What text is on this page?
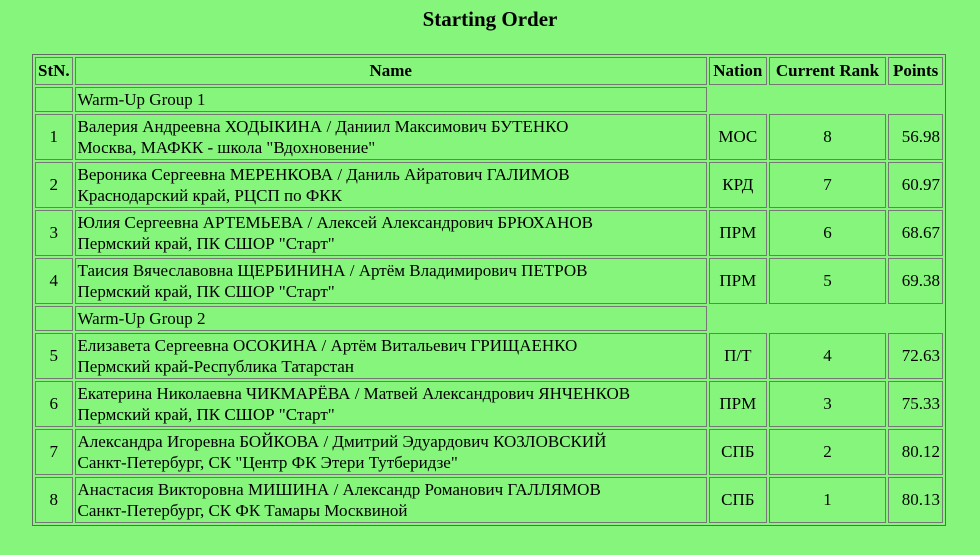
Starting Order
StN.	Name	Nation	Current Rank	Points
	Warm-Up Group 1			
1	Валерия Андреевна ХОДЫКИНА / Даниил Максимович БУТЕНКО
Москва, МАФКК - школа "Вдохновение"	МОС	8	56.98
2	Вероника Сергеевна МЕРЕНКОВА / Даниль Айратович ГАЛИМОВ
Краснодарский край, РЦСП по ФКК	КРД	7	60.97
3	Юлия Сергеевна АРТЕМЬЕВА / Алексей Александрович БРЮХАНОВ
Пермский край, ПК СШОР "Старт"	ПРМ	6	68.67
4	Таисия Вячеславовна ЩЕРБИНИНА / Артём Владимирович ПЕТРОВ
Пермский край, ПК СШОР "Старт"	ПРМ	5	69.38
	Warm-Up Group 2			
5	Елизавета Сергеевна ОСОКИНА / Артём Витальевич ГРИЩАЕНКО
Пермский край-Республика Татарстан	П/Т	4	72.63
6	Екатерина Николаевна ЧИКМАРЁВА / Матвей Александрович ЯНЧЕНКОВ
Пермский край, ПК СШОР "Старт"	ПРМ	3	75.33
7	Александра Игоревна БОЙКОВА / Дмитрий Эдуардович КОЗЛОВСКИЙ
Санкт-Петербург, СК "Центр ФК Этери Тутберидзе"	СПБ	2	80.12
8	Анастасия Викторовна МИШИНА / Александр Романович ГАЛЛЯМОВ
Санкт-Петербург, СК ФК Тамары Москвиной	СПБ	1	80.13
